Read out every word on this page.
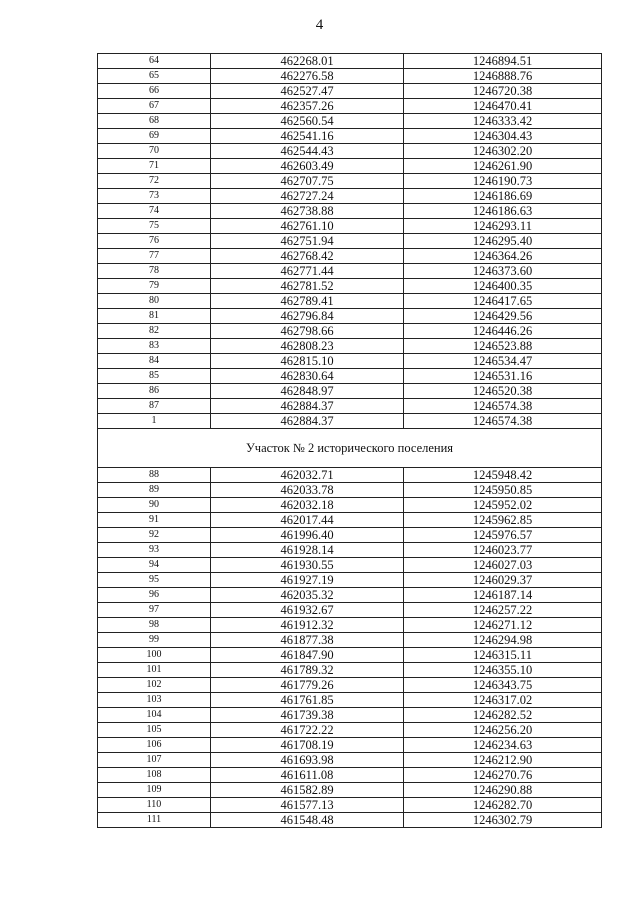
4
64	462268.01	1246894.51
65	462276.58	1246888.76
66	462527.47	1246720.38
67	462357.26	1246470.41
68	462560.54	1246333.42
69	462541.16	1246304.43
70	462544.43	1246302.20
71	462603.49	1246261.90
72	462707.75	1246190.73
73	462727.24	1246186.69
74	462738.88	1246186.63
75	462761.10	1246293.11
76	462751.94	1246295.40
77	462768.42	1246364.26
78	462771.44	1246373.60
79	462781.52	1246400.35
80	462789.41	1246417.65
81	462796.84	1246429.56
82	462798.66	1246446.26
83	462808.23	1246523.88
84	462815.10	1246534.47
85	462830.64	1246531.16
86	462848.97	1246520.38
87	462884.37	1246574.38
1	462884.37	1246574.38
Участок № 2 исторического поселения		
88	462032.71	1245948.42
89	462033.78	1245950.85
90	462032.18	1245952.02
91	462017.44	1245962.85
92	461996.40	1245976.57
93	461928.14	1246023.77
94	461930.55	1246027.03
95	461927.19	1246029.37
96	462035.32	1246187.14
97	461932.67	1246257.22
98	461912.32	1246271.12
99	461877.38	1246294.98
100	461847.90	1246315.11
101	461789.32	1246355.10
102	461779.26	1246343.75
103	461761.85	1246317.02
104	461739.38	1246282.52
105	461722.22	1246256.20
106	461708.19	1246234.63
107	461693.98	1246212.90
108	461611.08	1246270.76
109	461582.89	1246290.88
110	461577.13	1246282.70
111	461548.48	1246302.79
